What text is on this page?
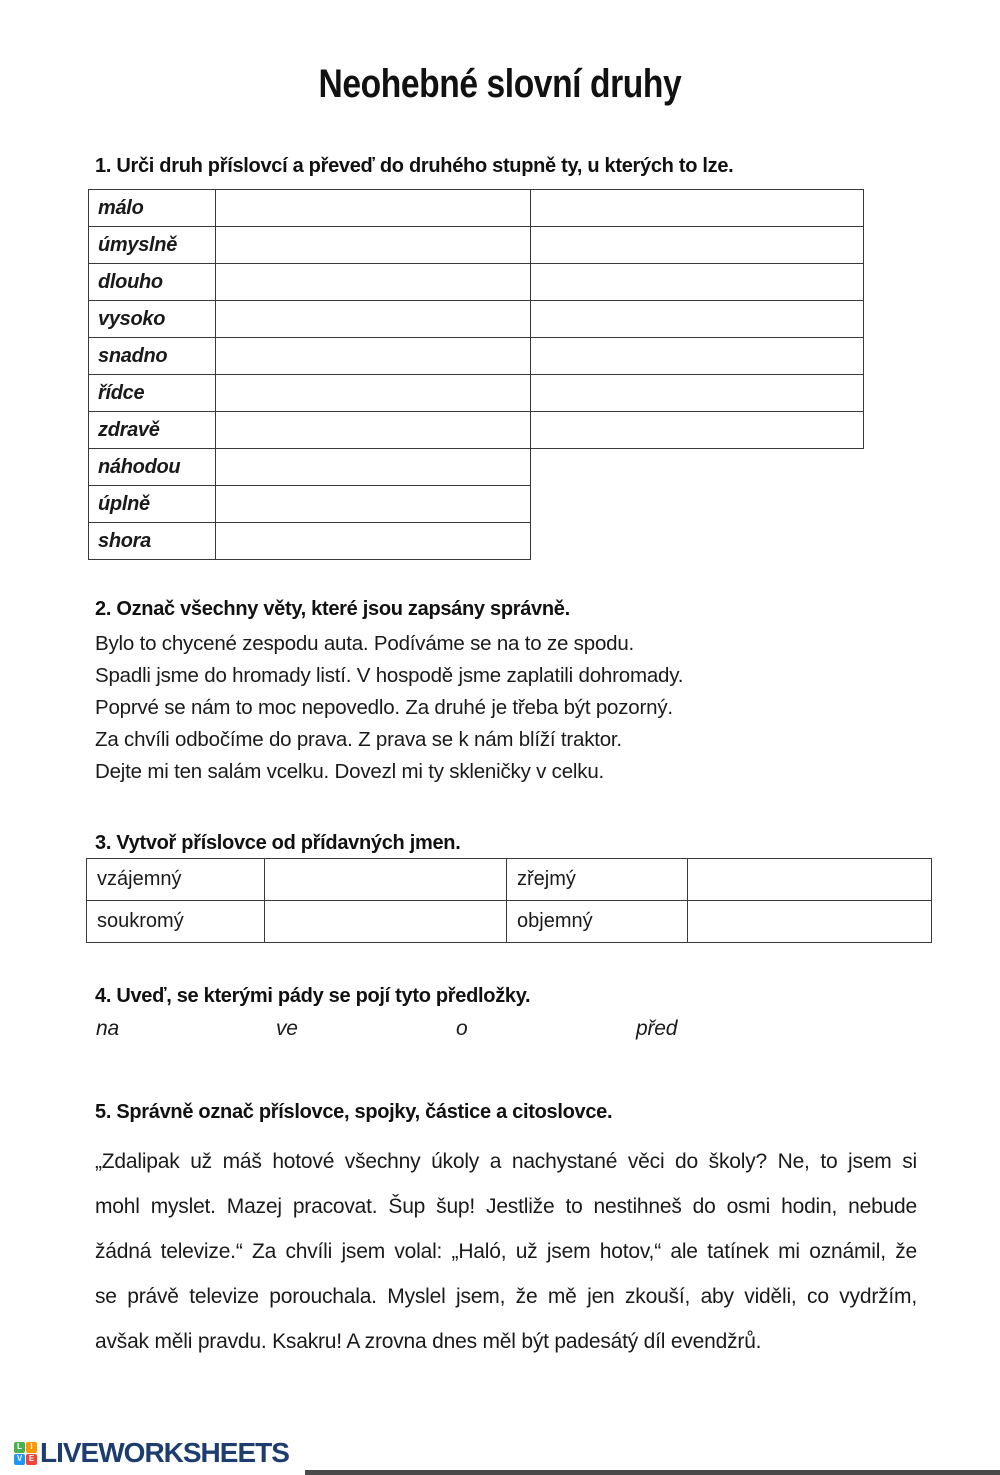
Neohebné slovní druhy
1. Urči druh příslovcí a převeď do druhého stupně ty, u kterých to lze.
málo		
úmyslně		
dlouho		
vysoko		
snadno		
řídce		
zdravě		
náhodou		
úplně		
shora		
2. Označ všechny věty, které jsou zapsány správně.
Bylo to chycené zespodu auta. Podíváme se na to ze spodu.
Spadli jsme do hromady listí. V hospodě jsme zaplatili dohromady.
Poprvé se nám to moc nepovedlo. Za druhé je třeba být pozorný.
Za chvíli odbočíme do prava. Z prava se k nám blíží traktor.
Dejte mi ten salám vcelku. Dovezl mi ty skleničky v celku.
3. Vytvoř příslovce od přídavných jmen.
vzájemný		zřejmý	
soukromý		objemný	
4. Uveď, se kterými pády se pojí tyto předložky.
na	ve	o	před
5. Správně označ příslovce, spojky, částice a citoslovce.
„Zdalipak už máš hotové všechny úkoly a nachystané věci do školy? Ne, to jsem si
mohl myslet. Mazej pracovat. Šup šup! Jestliže to nestihneš do osmi hodin, nebude
žádná televize.“ Za chvíli jsem volal: „Haló, už jsem hotov,“ ale tatínek mi oznámil, že
se právě televize porouchala. Myslel jsem, že mě jen zkouší, aby viděli, co vydržím,
avšak měli pravdu. Ksakru! A zrovna dnes měl být padesátý díl evendžrů.
L	I
V E LIVEWORKSHEETS
